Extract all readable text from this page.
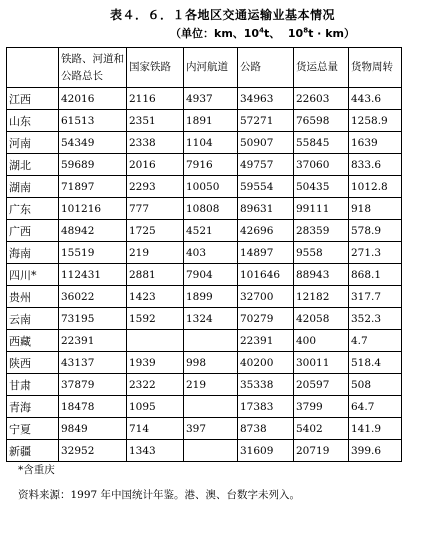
表４．６．１各地区交通运输业基本情况
（单位：km、$10^4t$、 $10^8t \cdot km$）
	铁路、河道和公路总长	国家铁路	内河航道	公路	货运总量	货物周转
江西	42016	2116	4937	34963	22603	443.6
山东	61513	2351	1891	57271	76598	1258.9
河南	54349	2338	1104	50907	55845	1639
湖北	59689	2016	7916	49757	37060	833.6
湖南	71897	2293	10050	59554	50435	1012.8
广东	101216	777	10808	89631	99111	918
广西	48942	1725	4521	42696	28359	578.9
海南	15519	219	403	14897	9558	271.3
四川*	112431	2881	7904	101646	88943	868.1
贵州	36022	1423	1899	32700	12182	317.7
云南	73195	1592	1324	70279	42058	352.3
西藏	22391			22391	400	4.7
陕西	43137	1939	998	40200	30011	518.4
甘肃	37879	2322	219	35338	20597	508
青海	18478	1095		17383	3799	64.7
宁夏	9849	714	397	8738	5402	141.9
新疆	32952	1343		31609	20719	399.6
*含重庆
资料来源：1997 年中国统计年鉴。港、澳、台数字未列入。
